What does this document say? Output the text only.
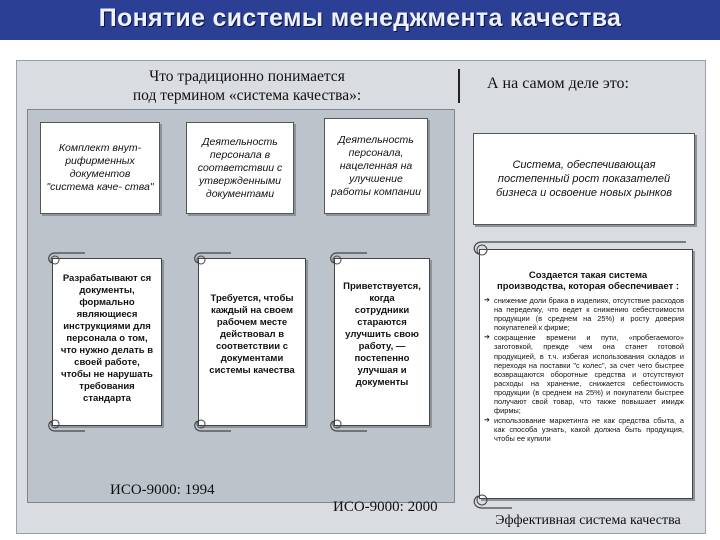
Понятие системы менеджмента качества
Что традиционно понимается
под термином «система качества»:
А на самом деле это:
Комплект внут- рифирменных документов "система каче- ства"
Деятельность персонала в соответствии с утвержденными документами
Деятельность персонала, нацеленная на улучшение работы компании
Разрабатывают ся документы, формально являющиеся инструкциями для персонала о том, что нужно делать в своей работе, чтобы не нарушать требования стандарта
Требуется, чтобы каждый на своем рабочем месте действовал в соответствии с документами системы качества
Приветствуется, когда сотрудники стараются улучшить свою работу, — постепенно улучшая и документы
ИСО-9000: 1994
ИСО-9000: 2000
Система, обеспечивающая постепенный рост показателей бизнеса и освоение новых рынков
Создается такая система производства, которая обеспечивает :
➔ снижение доли брака в изделиях, отсутствие расходов на переделку, что ведет к снижению себестоимости продукции (в среднем на 25%) и росту доверия покупателей к фирме;
➔ сокращение времени и пути, «пробегаемого» заготовкой, прежде чем она станет готовой продукцией, в т.ч. избегая использования складов и переходя на поставки "с колес", за счет чего быстрее возвращаются оборотные средства и отсутствуют расходы на хранение, снижается себестоимость продукции (в среднем на 25%) и покупатели быстрее получают свой товар, что также повышает имидж фирмы;
➔ использование маркетинга не как средства сбыта, а как способа узнать, какой должна быть продукция, чтобы ее купили
Эффективная система качества
